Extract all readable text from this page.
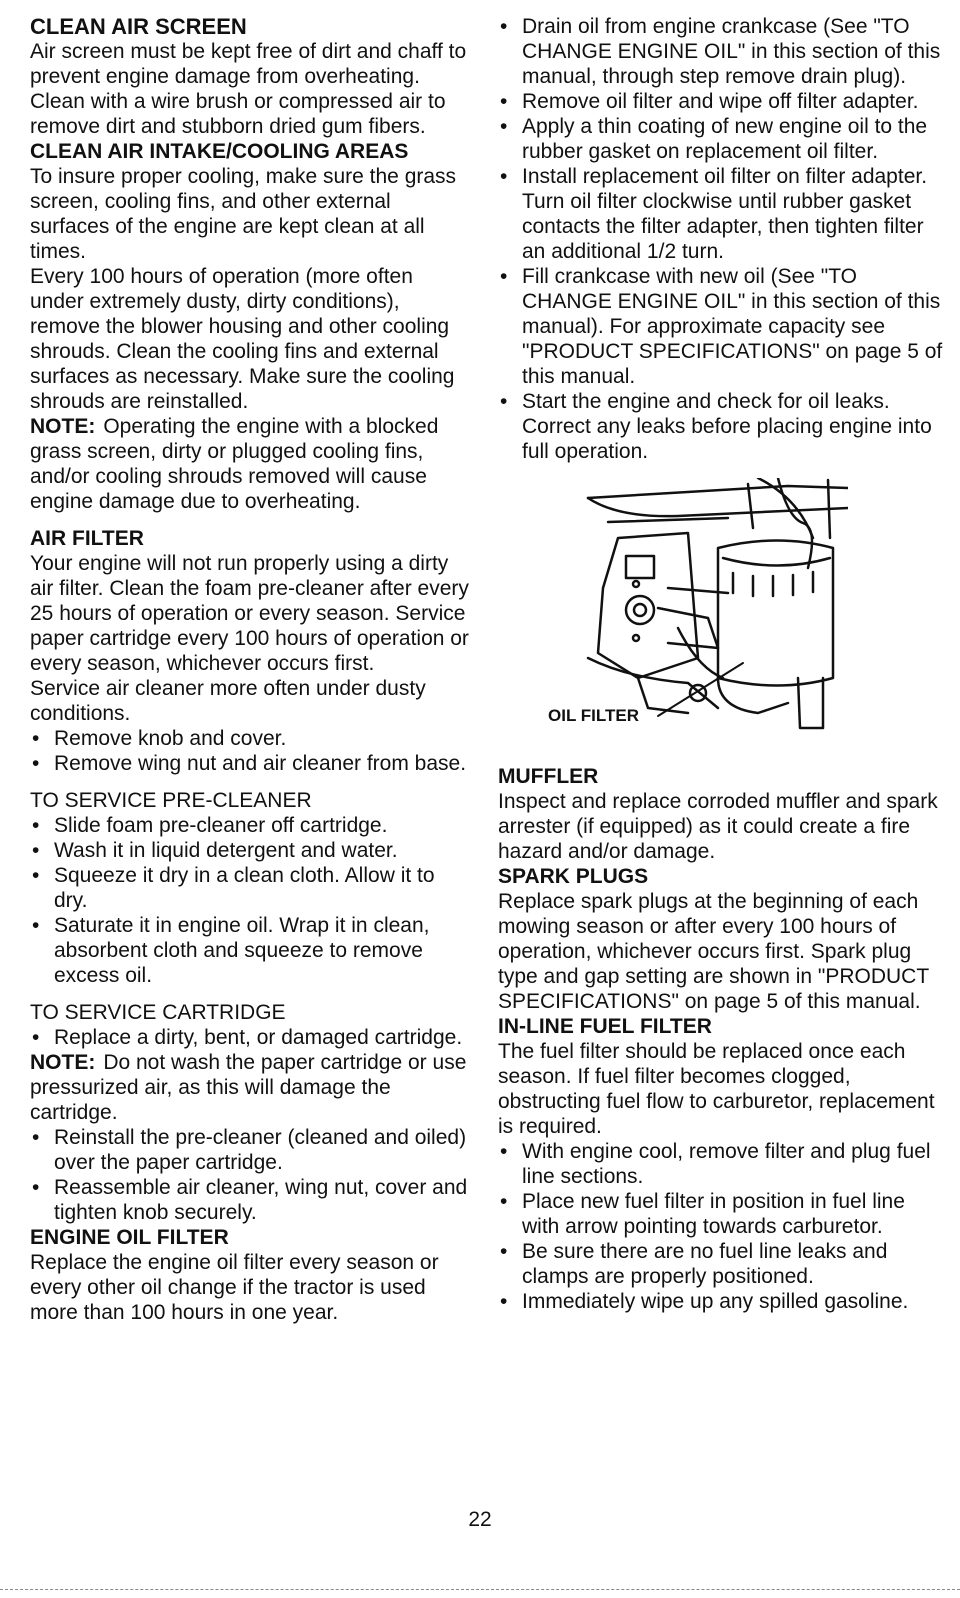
CLEAN AIR SCREEN

Air screen must be kept free of dirt and chaff to prevent engine damage from overheating. Clean with a wire brush or compressed air to remove dirt and stubborn dried gum fibers.

CLEAN AIR INTAKE/COOLING AREAS

To insure proper cooling, make sure the grass screen, cooling fins, and other external surfaces of the engine are kept clean at all times.

Every 100 hours of operation (more often under extremely dusty, dirty conditions), remove the blower housing and other cooling shrouds. Clean the cooling fins and external surfaces as necessary. Make sure the cooling shrouds are reinstalled.

NOTE: Operating the engine with a blocked grass screen, dirty or plugged cooling fins, and/or cooling shrouds removed will cause engine damage due to overheating.

AIR FILTER

Your engine will not run properly using a dirty air filter. Clean the foam pre-cleaner after every 25 hours of operation or every season. Service paper cartridge every 100 hours of operation or every season, whichever occurs first.

Service air cleaner more often under dusty conditions.

• Remove knob and cover.
• Remove wing nut and air cleaner from base.
TO SERVICE PRE-CLEANER
• Slide foam pre-cleaner off cartridge.
• Wash it in liquid detergent and water.
• Squeeze it dry in a clean cloth. Allow it to dry.
• Saturate it in engine oil. Wrap it in clean, absorbent cloth and squeeze to remove excess oil.
TO SERVICE CARTRIDGE
• Replace a dirty, bent, or damaged cartridge.

NOTE: Do not wash the paper cartridge or use pressurized air, as this will damage the cartridge.

• Reinstall the pre-cleaner (cleaned and oiled) over the paper cartridge.
• Reassemble air cleaner, wing nut, cover and tighten knob securely.
ENGINE OIL FILTER

Replace the engine oil filter every season or every other oil change if the tractor is used more than 100 hours in one year.

• Drain oil from engine crankcase (See "TO CHANGE ENGINE OIL" in this section of this manual, through step remove drain plug).
• Remove oil filter and wipe off filter adapter.
• Apply a thin coating of new engine oil to the rubber gasket on replacement oil filter.
• Install replacement oil filter on filter adapter. Turn oil filter clockwise until rubber gasket contacts the filter adapter, then tighten filter an additional 1/2 turn.
• Fill crankcase with new oil (See "TO CHANGE ENGINE OIL" in this section of this manual). For approximate capacity see "PRODUCT SPECIFICATIONS" on page 5 of this manual.
• Start the engine and check for oil leaks. Correct any leaks before placing engine into full operation.
OIL FILTER
MUFFLER

Inspect and replace corroded muffler and spark arrester (if equipped) as it could create a fire hazard and/or damage.

SPARK PLUGS

Replace spark plugs at the beginning of each mowing season or after every 100 hours of operation, whichever occurs first. Spark plug type and gap setting are shown in "PRODUCT SPECIFICATIONS" on page 5 of this manual.

IN-LINE FUEL FILTER

The fuel filter should be replaced once each season. If fuel filter becomes clogged, obstructing fuel flow to carburetor, replacement is required.

• With engine cool, remove filter and plug fuel line sections.
• Place new fuel filter in position in fuel line with arrow pointing towards carburetor.
• Be sure there are no fuel line leaks and clamps are properly positioned.
• Immediately wipe up any spilled gasoline.
22
